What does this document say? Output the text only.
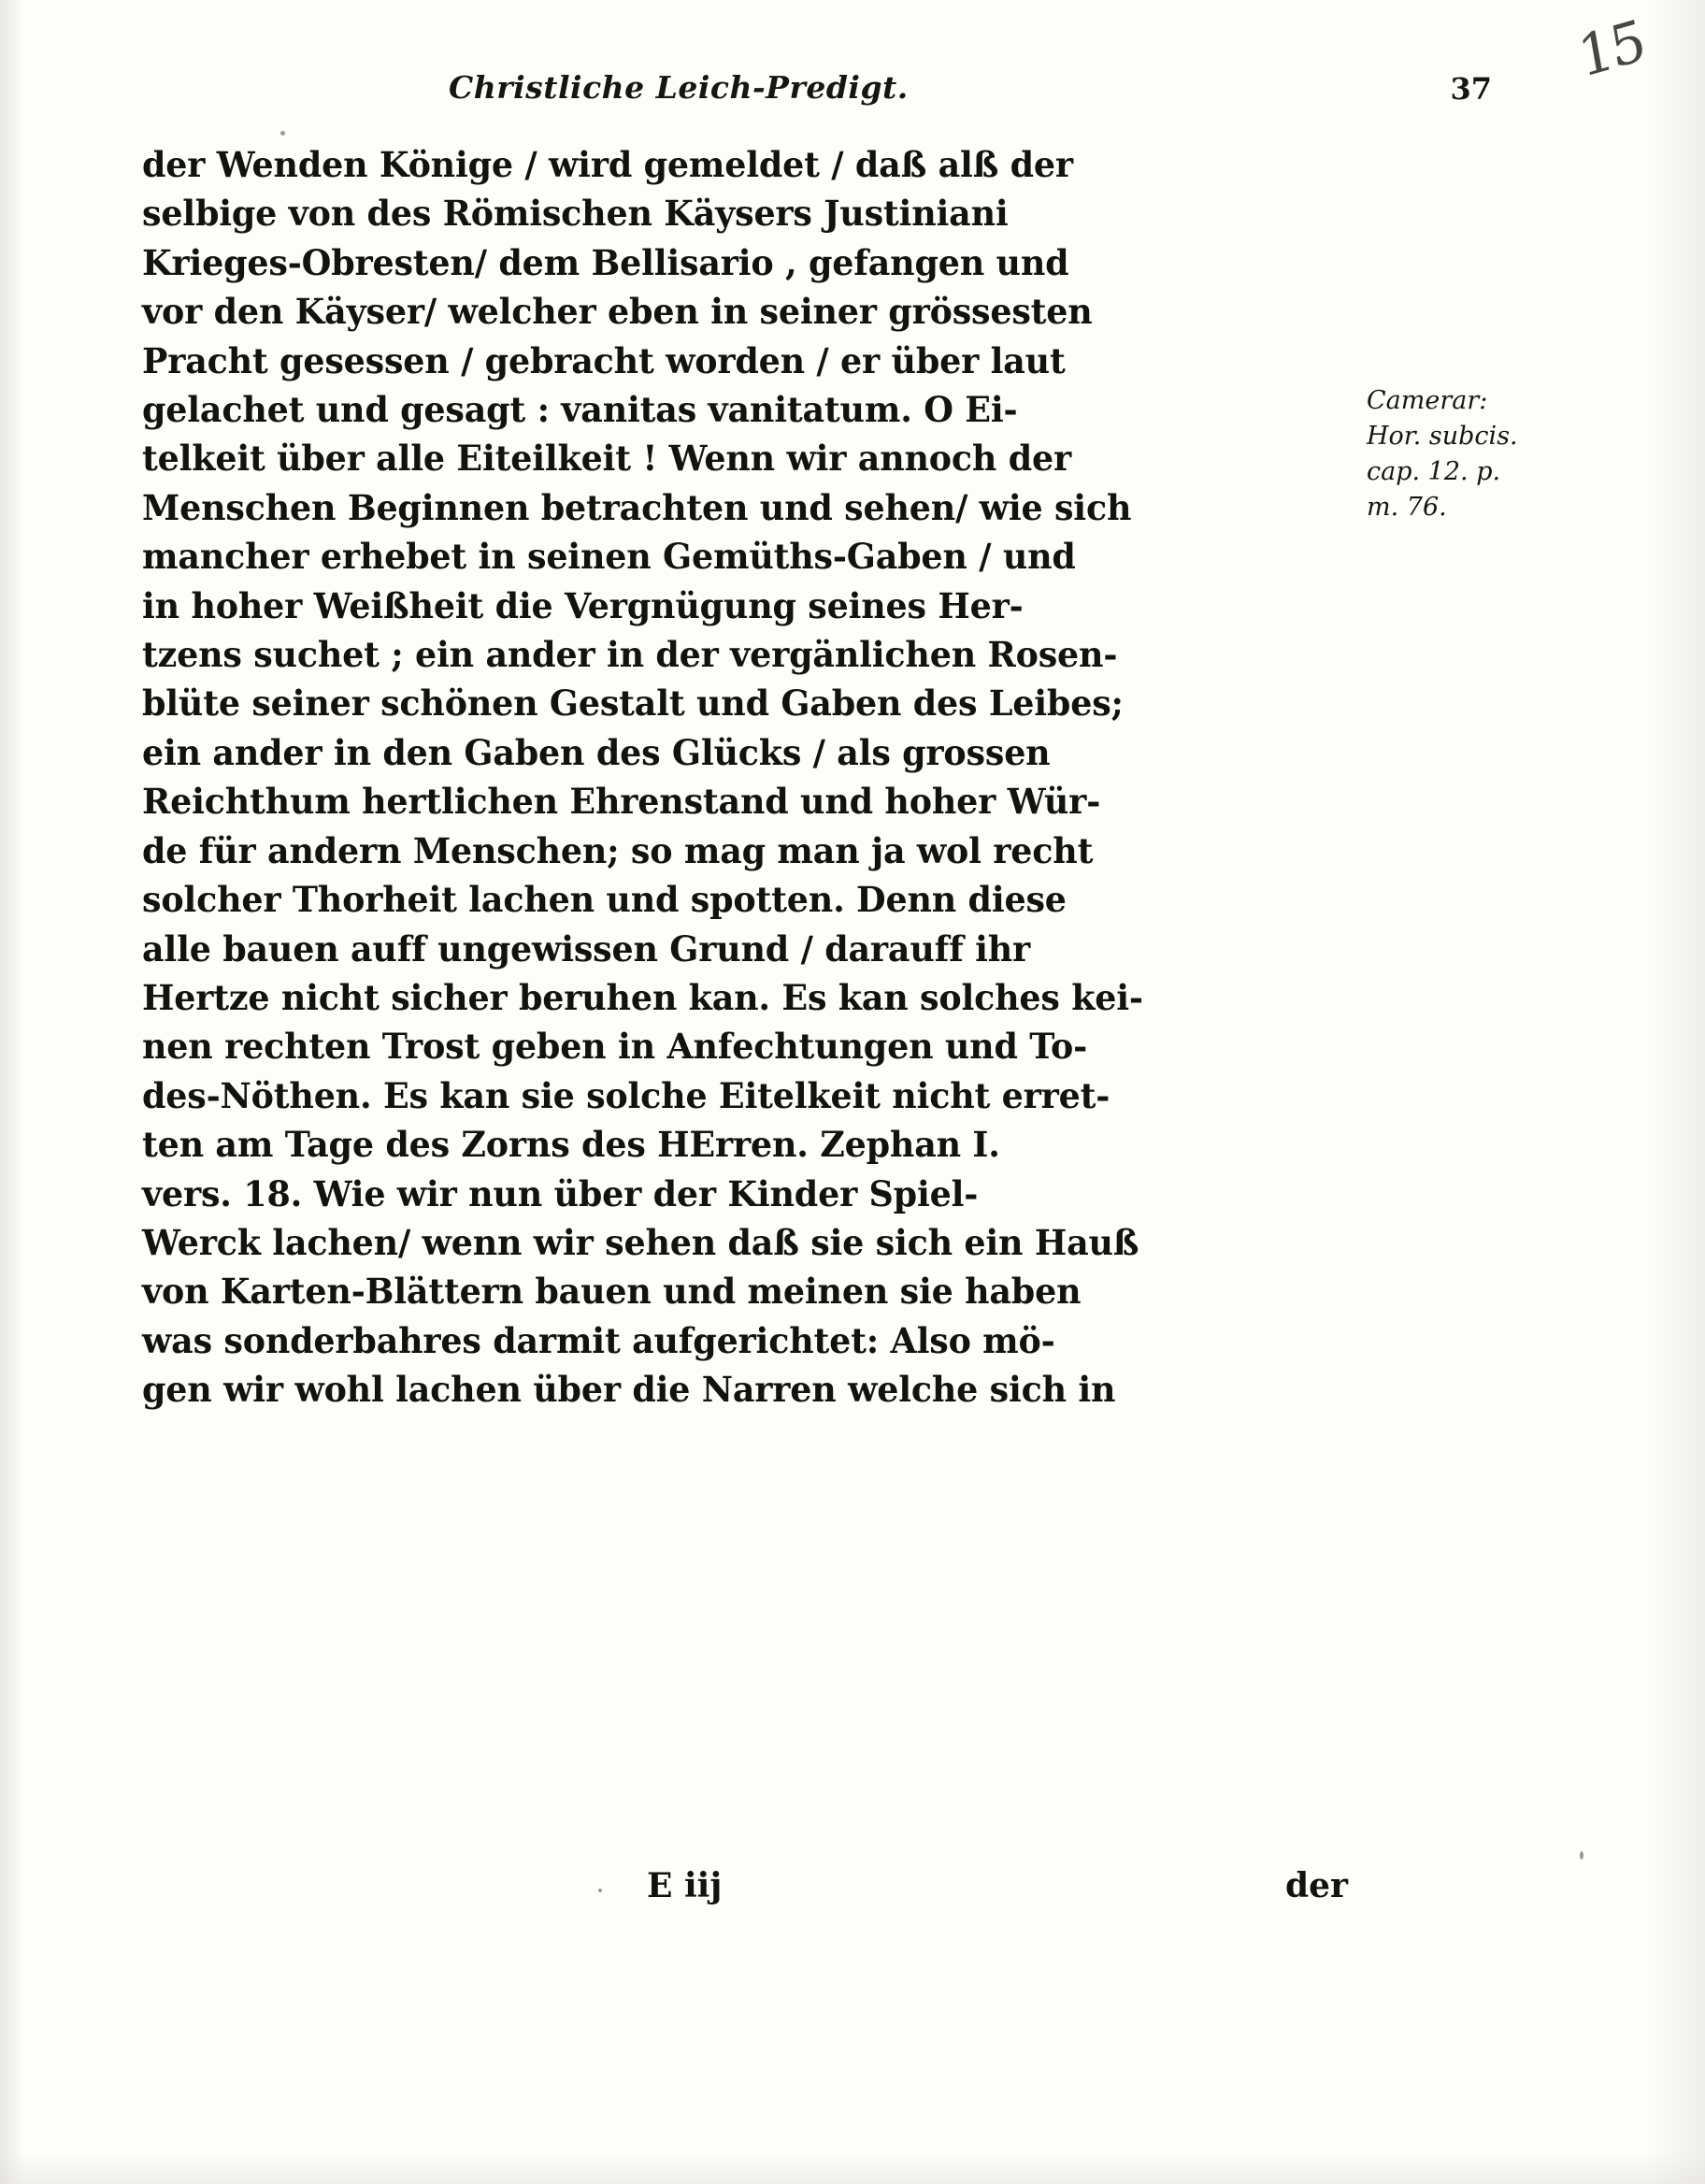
15
Christliche Leich-Predigt.	37
der Wenden Könige / wird gemeldet / daß alß der
selbige von des Römischen Käysers Justiniani
Krieges-Obresten/ dem Bellisario , gefangen und
vor den Käyser/ welcher eben in seiner grössesten
Pracht gesessen / gebracht worden / er über laut
gelachet und gesagt : vanitas vanitatum. O Ei-
telkeit über alle Eiteilkeit ! Wenn wir annoch der
Menschen Beginnen betrachten und sehen/ wie sich
mancher erhebet in seinen Gemüths-Gaben / und
in hoher Weißheit die Vergnügung seines Her-
tzens suchet ; ein ander in der vergänlichen Rosen-
blüte seiner schönen Gestalt und Gaben des Leibes;
ein ander in den Gaben des Glücks / als grossen
Reichthum hertlichen Ehrenstand und hoher Wür-
de für andern Menschen; so mag man ja wol recht
solcher Thorheit lachen und spotten. Denn diese
alle bauen auff ungewissen Grund / darauff ihr
Hertze nicht sicher beruhen kan. Es kan solches kei-
nen rechten Trost geben in Anfechtungen und To-
des-Nöthen. Es kan sie solche Eitelkeit nicht erret-
ten am Tage des Zorns des HErren. Zephan I.
vers. 18. Wie wir nun über der Kinder Spiel-
Werck lachen/ wenn wir sehen daß sie sich ein Hauß
von Karten-Blättern bauen und meinen sie haben
was sonderbahres darmit aufgerichtet: Also mö-
gen wir wohl lachen über die Narren welche sich in
Camerar:
Hor. subcis.
cap. 12. p.
m. 76.
E iij	der
